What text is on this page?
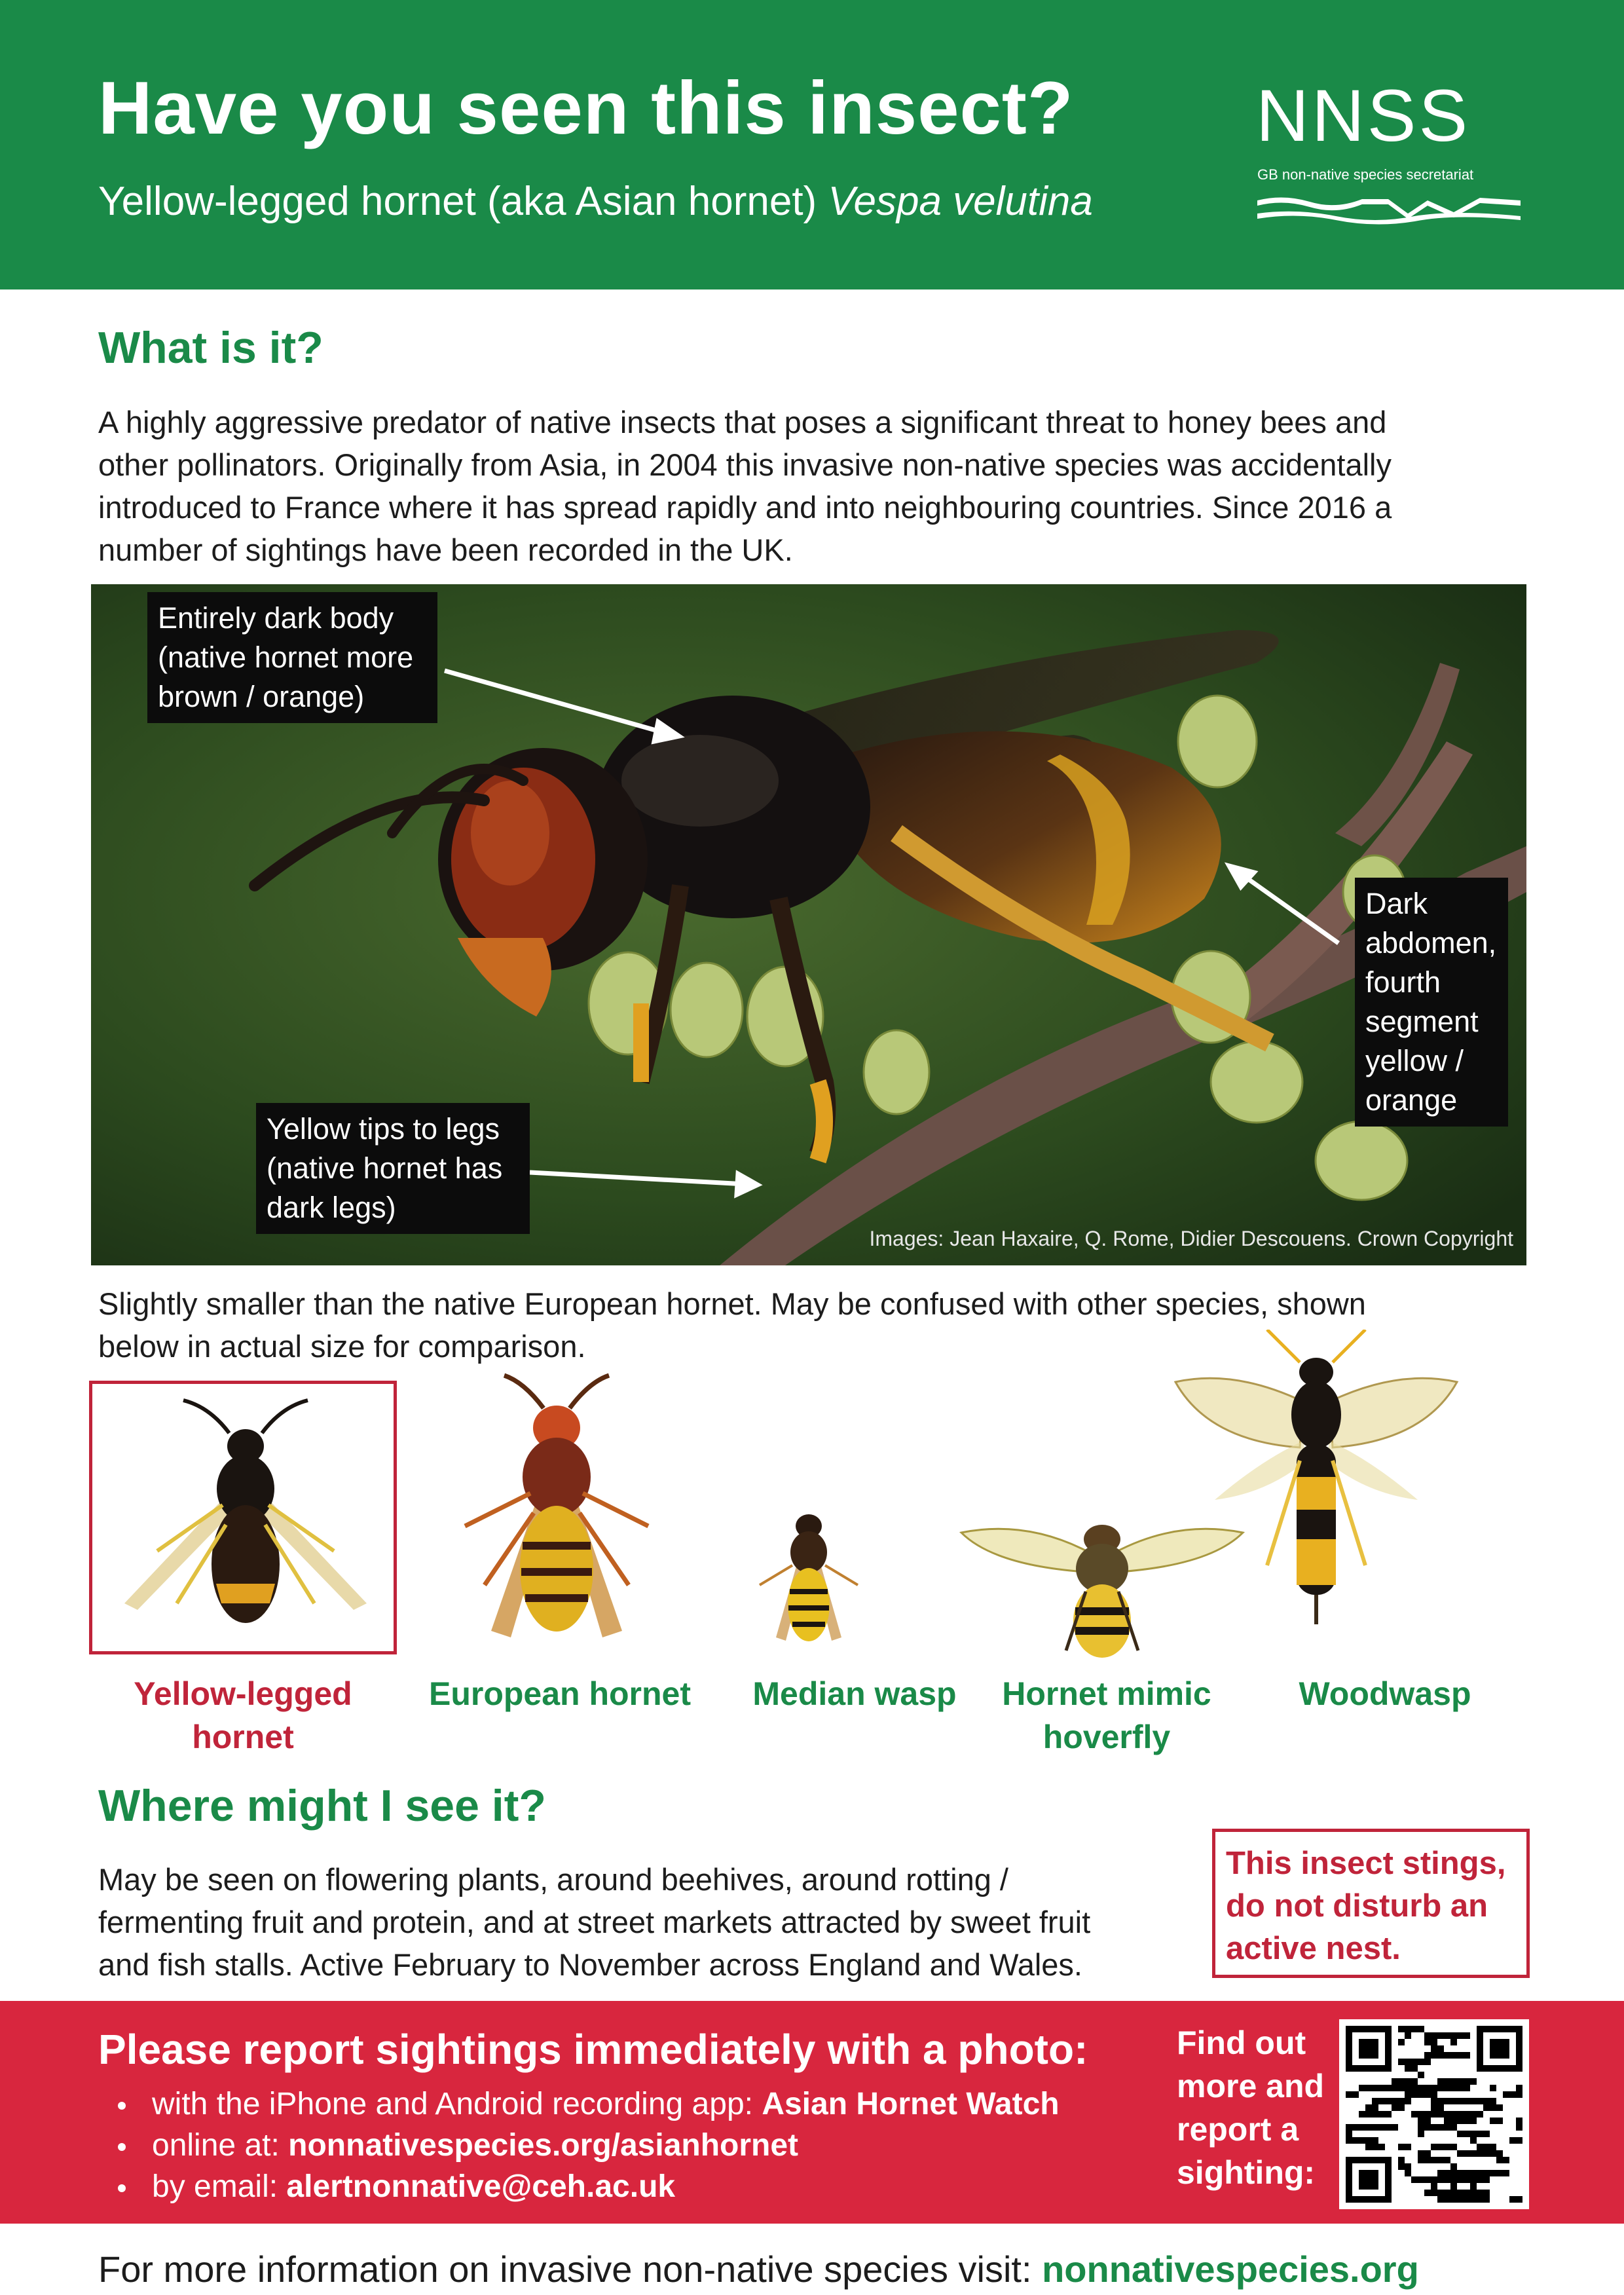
Have you seen this insect?
Yellow-legged hornet (aka Asian hornet) Vespa velutina
NNSS
GB non-native species secretariat
What is it?
A highly aggressive predator of native insects that poses a significant threat to honey bees and
other pollinators. Originally from Asia, in 2004 this invasive non-native species was accidentally
introduced to France where it has spread rapidly and into neighbouring countries. Since 2016 a
number of sightings have been recorded in the UK.
Entirely dark body
(native hornet more
brown / orange)
Dark
abdomen,
fourth
segment
yellow /
orange
Yellow tips to legs
(native hornet has
dark legs)
Images: Jean Haxaire, Q. Rome, Didier Descouens. Crown Copyright
Slightly smaller than the native European hornet. May be confused with other species, shown
below in actual size for comparison.
Yellow-legged
hornet
European hornet	Median wasp	Hornet mimic
hoverfly
Woodwasp
Where might I see it?
May be seen on flowering plants, around beehives, around rotting /
fermenting fruit and protein, and at street markets attracted by sweet fruit
and fish stalls. Active February to November across England and Wales.
This insect stings,
do not disturb an
active nest.
Please report sightings immediately with a photo:
with the iPhone and Android recording app: Asian Hornet Watch
online at: nonnativespecies.org/asianhornet
by email: alertnonnative@ceh.ac.uk
Find out
more and
report a
sighting:
For more information on invasive non-native species visit: nonnativespecies.org
